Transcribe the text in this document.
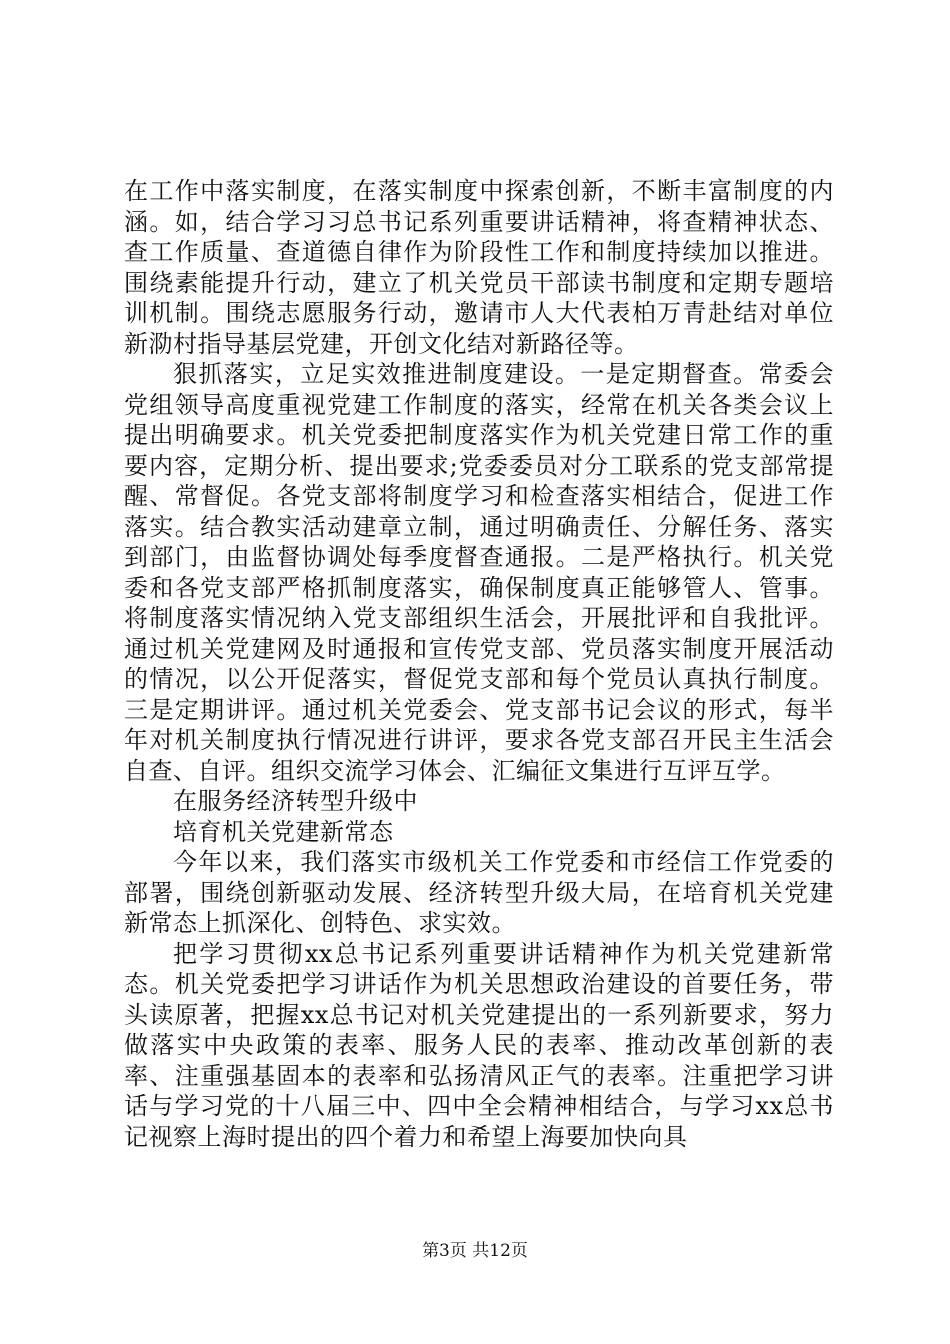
在工作中落实制度，在落实制度中探索创新，不断丰富制度的内涵。如，结合学习习总书记系列重要讲话精神，将查精神状态、查工作质量、查道德自律作为阶段性工作和制度持续加以推进。围绕素能提升行动，建立了机关党员干部读书制度和定期专题培训机制。围绕志愿服务行动，邀请市人大代表柏万青赴结对单位新泐村指导基层党建，开创文化结对新路径等。

狠抓落实，立足实效推进制度建设。一是定期督查。常委会党组领导高度重视党建工作制度的落实，经常在机关各类会议上提出明确要求。机关党委把制度落实作为机关党建日常工作的重要内容，定期分析、提出要求;党委委员对分工联系的党支部常提醒、常督促。各党支部将制度学习和检查落实相结合，促进工作落实。结合教实活动建章立制，通过明确责任、分解任务、落实到部门，由监督协调处每季度督查通报。二是严格执行。机关党委和各党支部严格抓制度落实，确保制度真正能够管人、管事。将制度落实情况纳入党支部组织生活会，开展批评和自我批评。通过机关党建网及时通报和宣传党支部、党员落实制度开展活动的情况，以公开促落实，督促党支部和每个党员认真执行制度。三是定期讲评。通过机关党委会、党支部书记会议的形式，每半年对机关制度执行情况进行讲评，要求各党支部召开民主生活会自查、自评。组织交流学习体会、汇编征文集进行互评互学。

在服务经济转型升级中

培育机关党建新常态

今年以来，我们落实市级机关工作党委和市经信工作党委的部署，围绕创新驱动发展、经济转型升级大局，在培育机关党建新常态上抓深化、创特色、求实效。

把学习贯彻xx总书记系列重要讲话精神作为机关党建新常态。机关党委把学习讲话作为机关思想政治建设的首要任务，带头读原著，把握xx总书记对机关党建提出的一系列新要求，努力做落实中央政策的表率、服务人民的表率、推动改革创新的表率、注重强基固本的表率和弘扬清风正气的表率。注重把学习讲话与学习党的十八届三中、四中全会精神相结合，与学习xx总书记视察上海时提出的四个着力和希望上海要加快向具

第3页 共12页
